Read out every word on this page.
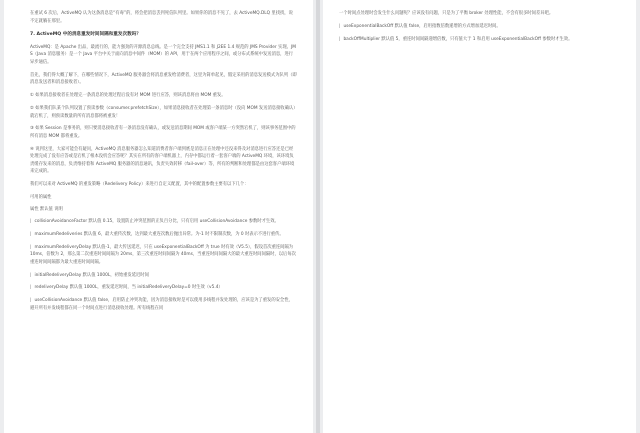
在重试 6 次后，ActiveMQ 认为这条消息是“有毒”的，将会把消息丢到死信队列里。如果你的消息不见了，去 ActiveMQ.DLQ 里找找，说不定就躺在那里。

7. ActiveMQ 中的消息重发时间间隔和重发次数吗？

ActiveMQ：是 Apache 出品，最流行的，能力强劲的开源消息总线。是一个完全支持 JMS1.1 和 J2EE 1.4 规范的 JMS Provider 实现。JMS（Java 消息服务）是一个 Java 平台中关于面向消息中间件（MOM）的 API，用于在两个应用程序之间，或分布式系统中发送消息，进行异步通信。

首先，我们得大概了解下，在哪些情况下，ActiveMQ 服务器会将消息重发给消费者，这里为简单起见，假定采用的消息发送模式为队列（即消息发送者和消息接收者）。

① 如果消息接收者在处理完一条消息的处理过程后没有对 MOM 进行应答，则该消息将由 MOM 重发。

② 如果我们队某个队列设置了预读参数（consumer.prefetchSize），如果消息接收者在处理第一条消息时（没向 MOM 发送消息接收确认）就宕机了，则预读数量的所有消息都将被重发！

③ 如果 Session 是事务的，则只要消息接收者有一条消息没有确认，或发送消息期间 MOM 或客户端某一方突然宕机了，则该事务范围中的所有消息 MOM 都将重发。

④ 说到这里，大家可能会有疑问，ActiveMQ 消息服务器怎么知道消费者客户端到底是消息正在处理中还没来得及对消息进行应答还是已经处理完成了没有应答或是宕机了根本没机会应答呢？其实在所有的客户端机器上，内存中都运行着一套客户端的 ActiveMQ 环境，该环境负责缓存发来的消息，负责维持着和 ActiveMQ 服务器的消息通讯，负责失效转移（fail-over）等，所有的判断和处理都是由这套客户端环境来完成的。

我们可以来对 ActiveMQ 的重发策略（Redelivery Policy）来进行自定义配置，其中的配置参数主要有以下几个：

可用的属性

属性 默认值 说明

| collisionAvoidanceFactor 默认值 0.15，设置防止冲突范围的正负百分比，只有启用 useCollisionAvoidance 参数时才生效。

| maximumRedeliveries 默认值 6，最大重传次数，达到最大重连次数后抛出异常。为-1 时不限制次数，为 0 时表示不进行重传。

| maximumRedeliveryDelay 默认值-1，最大传送延迟，只在 useExponentialBackOff 为 true 时有效（V5.5），假设首次重连间隔为 10ms，倍数为 2，那么第二次重连时间间隔为 20ms，第三次重连时间间隔为 40ms，当重连时间间隔大的最大重连时间间隔时，以后每次重连时间间隔都为最大重连时间间隔。

| initialRedeliveryDelay 默认值 1000L，初始重发延迟时间

| redeliveryDelay 默认值 1000L，重发延迟时间，当 initialRedeliveryDelay=0 时生效（v5.4）

| useCollisionAvoidance 默认值 false，启用防止冲突功能，因为消息接收时是可以使用多线程并发处理的，应该是为了重发的安全性，避开所有并发线程都在同一个时间点进行消息接收处理。所有线程在同

一个时间点处理时会发生什么问题呢？应该没有问题，只是为了平衡 broker 处理性能，不会有很多时间差异吧。

| useExponentialBackOff 默认值 false，启用指数倍数递增的方式增加延迟时间。

| backOffMultiplier 默认值 5，重连时间间隔递增倍数，只有值大于 1 和启用 useExponentialBackOff 参数时才生效。
